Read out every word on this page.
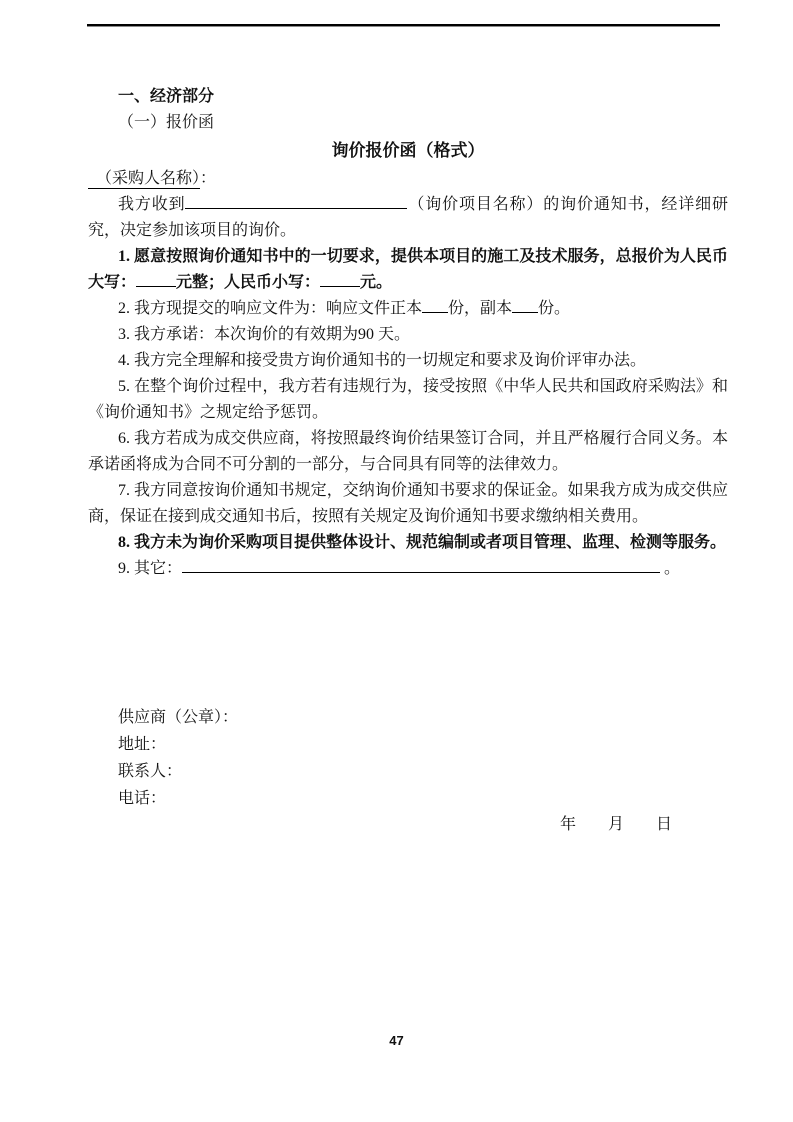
一、经济部分

（一）报价函

询价报价函（格式）

　（采购人名称）：

我方收到	（询价项目名称）的询价通知书，经详细研究，决定参加该项目的询价。

1. 愿意按照询价通知书中的一切要求，提供本项目的施工及技术服务，总报价为人民币大写：	元整；人民币小写：	元。

2. 我方现提交的响应文件为：响应文件正本 份，副本 份。

3. 我方承诺：本次询价的有效期为90 天。

4. 我方完全理解和接受贵方询价通知书的一切规定和要求及询价评审办法。

5. 在整个询价过程中，我方若有违规行为，接受按照《中华人民共和国政府采购法》和《询价通知书》之规定给予惩罚。

6. 我方若成为成交供应商，将按照最终询价结果签订合同，并且严格履行合同义务。本承诺函将成为合同不可分割的一部分，与合同具有同等的法律效力。

7. 我方同意按询价通知书规定，交纳询价通知书要求的保证金。如果我方成为成交供应商，保证在接到成交通知书后，按照有关规定及询价通知书要求缴纳相关费用。

8. 我方未为询价采购项目提供整体设计、规范编制或者项目管理、监理、检测等服务。

9. 其它：	。

供应商（公章）：

地址：

联系人：

电话：

年　　月　　日

47
